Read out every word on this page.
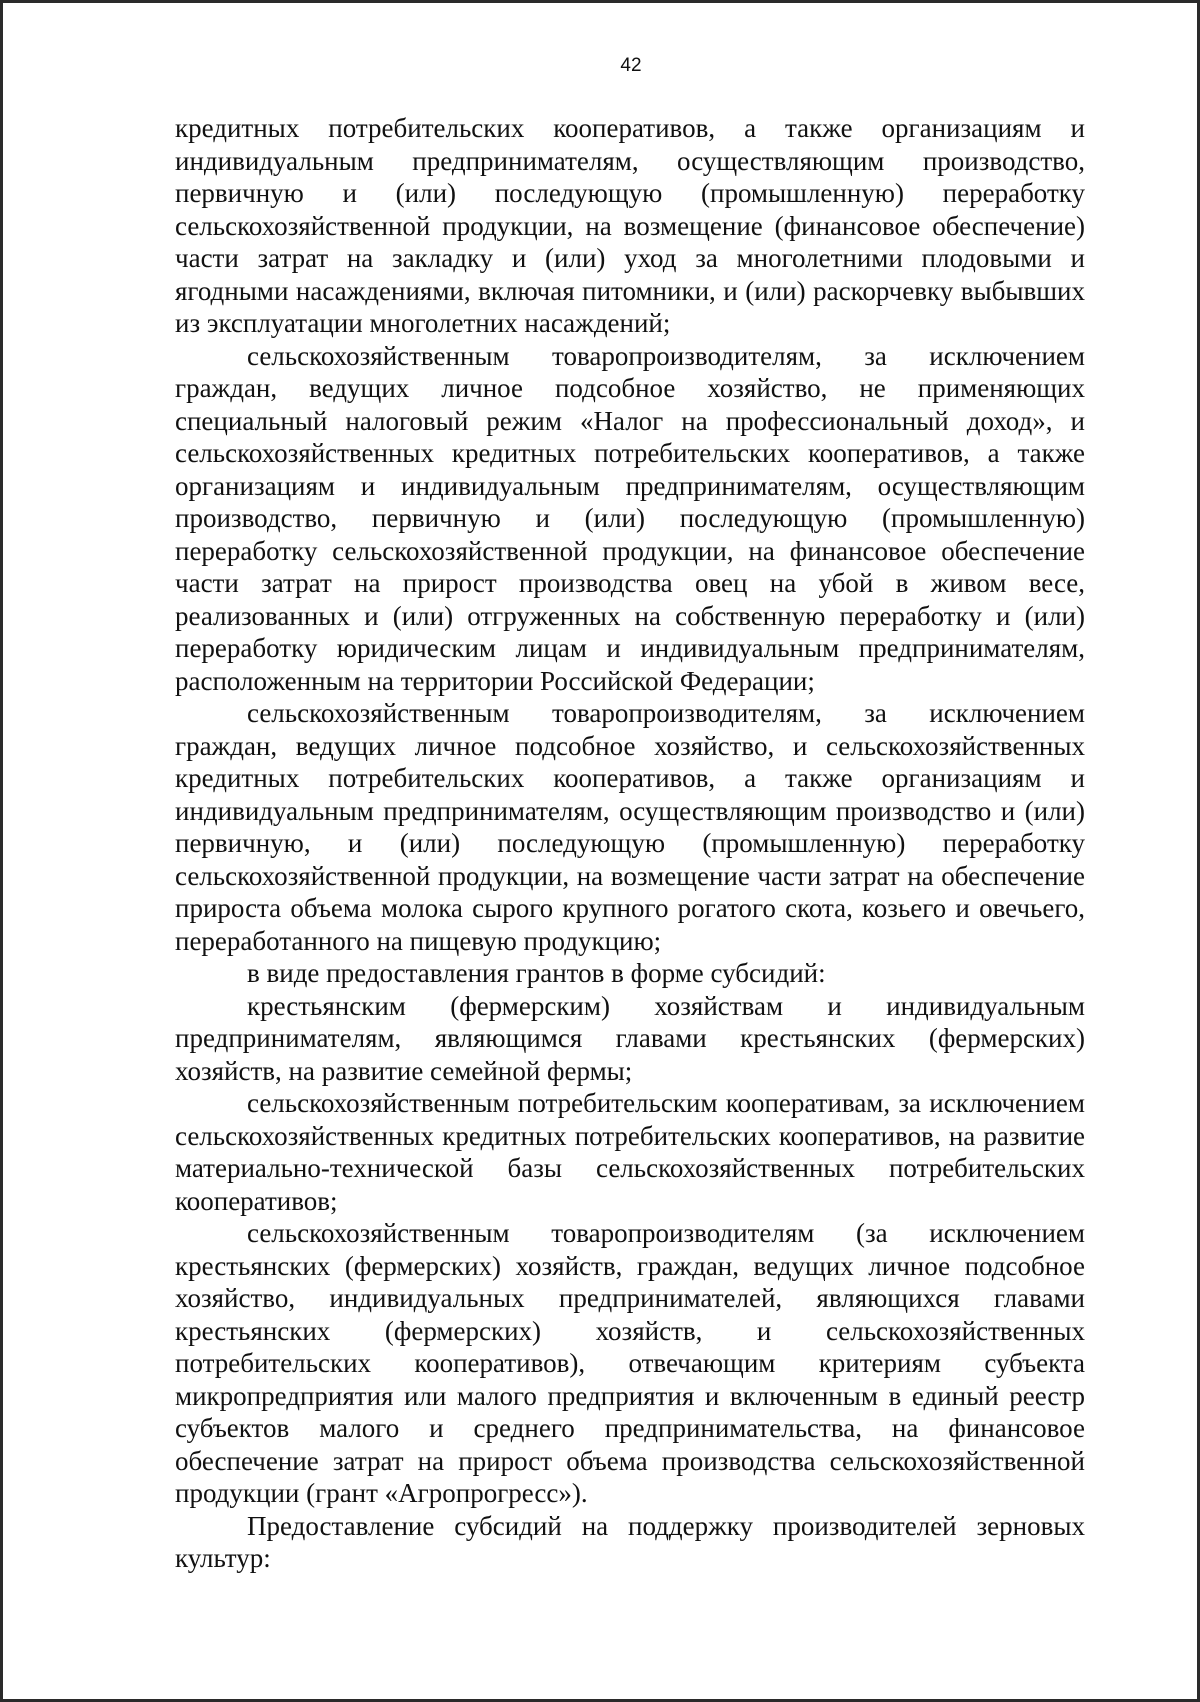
42

кредитных потребительских кооперативов, а также организациям и индивидуальным предпринимателям, осуществляющим производство, первичную и (или) последующую (промышленную) переработку сельскохозяйственной продукции, на возмещение (финансовое обеспечение) части затрат на закладку и (или) уход за многолетними плодовыми и ягодными насаждениями, включая питомники, и (или) раскорчевку выбывших из эксплуатации многолетних насаждений;

сельскохозяйственным товаропроизводителям, за исключением граждан, ведущих личное подсобное хозяйство, не применяющих специальный налоговый режим «Налог на профессиональный доход», и сельскохозяйственных кредитных потребительских кооперативов, а также организациям и индивидуальным предпринимателям, осуществляющим производство, первичную и (или) последующую (промышленную) переработку сельскохозяйственной продукции, на финансовое обеспечение части затрат на прирост производства овец на убой в живом весе, реализованных и (или) отгруженных на собственную переработку и (или) переработку юридическим лицам и индивидуальным предпринимателям, расположенным на территории Российской Федерации;

сельскохозяйственным товаропроизводителям, за исключением граждан, ведущих личное подсобное хозяйство, и сельскохозяйственных кредитных потребительских кооперативов, а также организациям и индивидуальным предпринимателям, осуществляющим производство и (или) первичную, и (или) последующую (промышленную) переработку сельскохозяйственной продукции, на возмещение части затрат на обеспечение прироста объема молока сырого крупного рогатого скота, козьего и овечьего, переработанного на пищевую продукцию;

в виде предоставления грантов в форме субсидий:

крестьянским (фермерским) хозяйствам и индивидуальным предпринимателям, являющимся главами крестьянских (фермерских) хозяйств, на развитие семейной фермы;

сельскохозяйственным потребительским кооперативам, за исключением сельскохозяйственных кредитных потребительских кооперативов, на развитие материально-технической базы сельскохозяйственных потребительских кооперативов;

сельскохозяйственным товаропроизводителям (за исключением крестьянских (фермерских) хозяйств, граждан, ведущих личное подсобное хозяйство, индивидуальных предпринимателей, являющихся главами крестьянских (фермерских) хозяйств, и сельскохозяйственных потребительских кооперативов), отвечающим критериям субъекта микропредприятия или малого предприятия и включенным в единый реестр субъектов малого и среднего предпринимательства, на финансовое обеспечение затрат на прирост объема производства сельскохозяйственной продукции (грант «Агропрогресс»).

Предоставление субсидий на поддержку производителей зерновых культур:
